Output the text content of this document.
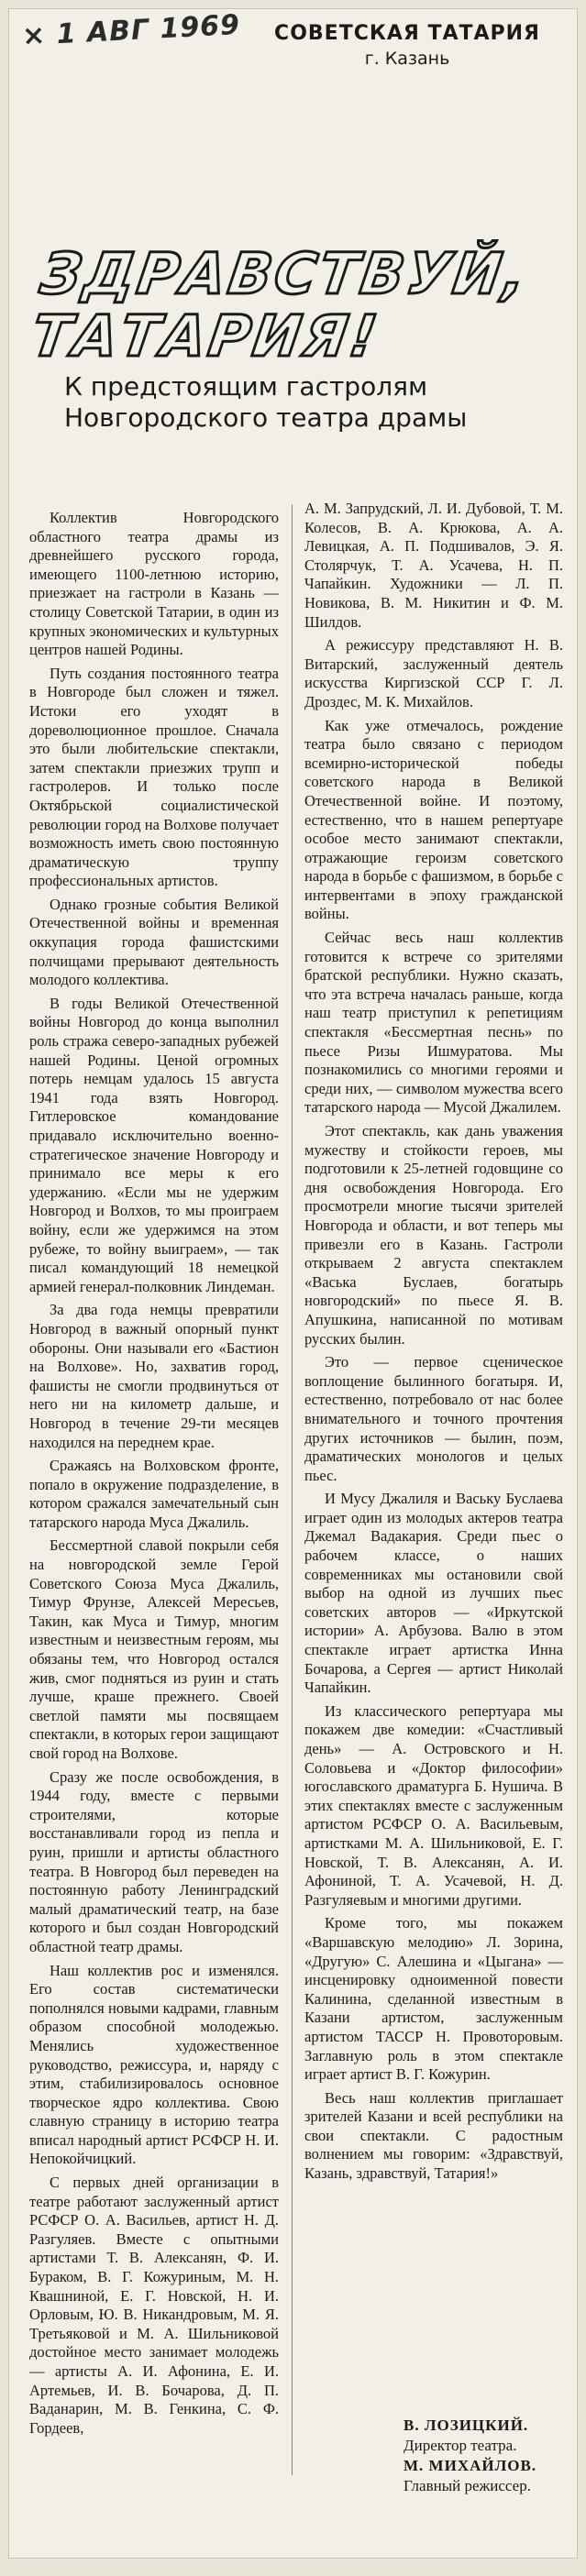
× 1 АВГ 1969 СОВЕТСКАЯ ТАТАРИЯ
г. Казань
ЗДРАВСТВУЙ, ТАТАРИЯ!
К предстоящим гастролям Новгородского театра драмы

Коллектив Новгородского областного театра драмы из древнейшего русского города, имеющего 1100-летнюю историю, приезжает на гастроли в Казань — столицу Советской Татарии, в один из крупных экономических и культурных центров нашей Родины.

Путь создания постоянного театра в Новгороде был сложен и тяжел. Истоки его уходят в дореволюционное прошлое. Сначала это были любительские спектакли, затем спектакли приезжих трупп и гастролеров. И только после Октябрьской социалистической революции город на Волхове получает возможность иметь свою постоянную драматическую труппу профессиональных артистов.

Однако грозные события Великой Отечественной войны и временная оккупация города фашистскими полчищами прерывают деятельность молодого коллектива.

В годы Великой Отечественной войны Новгород до конца выполнил роль стража северо-западных рубежей нашей Родины. Ценой огромных потерь немцам удалось 15 августа 1941 года взять Новгород. Гитлеровское командование придавало исключительно военно-стратегическое значение Новгороду и принимало все меры к его удержанию. «Если мы не удержим Новгород и Волхов, то мы проиграем войну, если же удержимся на этом рубеже, то войну выиграем», — так писал командующий 18 немецкой армией генерал-полковник Линдеман.

За два года немцы превратили Новгород в важный опорный пункт обороны. Они называли его «Бастион на Волхове». Но, захватив город, фашисты не смогли продвинуться от него ни на километр дальше, и Новгород в течение 29-ти месяцев находился на переднем крае.

Сражаясь на Волховском фронте, попало в окружение подразделение, в котором сражался замечательный сын татарского народа Муса Джалиль.

Бессмертной славой покрыли себя на новгородской земле Герой Советского Союза Муса Джалиль, Тимур Фрунзе, Алексей Мересьев, Такин, как Муса и Тимур, многим известным и неизвестным героям, мы обязаны тем, что Новгород остался жив, смог подняться из руин и стать лучше, краше прежнего. Своей светлой памяти мы посвящаем спектакли, в которых герои защищают свой город на Волхове.

Сразу же после освобождения, в 1944 году, вместе с первыми строителями, которые восстанавливали город из пепла и руин, пришли и артисты областного театра. В Новгород был переведен на постоянную работу Ленинградский малый драматический театр, на базе которого и был создан Новгородский областной театр драмы.

Наш коллектив рос и изменялся. Его состав систематически пополнялся новыми кадрами, главным образом способной молодежью. Менялись художественное руководство, режиссура, и, наряду с этим, стабилизировалось основное творческое ядро коллектива. Свою славную страницу в историю театра вписал народный артист РСФСР Н. И. Непокойчицкий.

С первых дней организации в театре работают заслуженный артист РСФСР О. А. Васильев, артист Н. Д. Разгуляев. Вместе с опытными артистами Т. В. Алексанян, Ф. И. Бураком, В. Г. Кожуриным, М. Н. Квашниной, Е. Г. Новской, Н. И. Орловым, Ю. В. Никандровым, М. Я. Третьяковой и М. А. Шильниковой достойное место занимает молодежь — артисты А. И. Афонина, Е. И. Артемьев, И. В. Бочарова, Д. П. Ваданарин, М. В. Генкина, С. Ф. Гордеев,

А. М. Запрудский, Л. И. Дубовой, Т. М. Колесов, В. А. Крюкова, А. А. Левицкая, А. П. Подшивалов, Э. Я. Столярчук, Т. А. Усачева, Н. П. Чапайкин. Художники — Л. П. Новикова, В. М. Никитин и Ф. М. Шилдов.

А режиссуру представляют Н. В. Витарский, заслуженный деятель искусства Киргизской ССР Г. Л. Дроздес, М. К. Михайлов.

Как уже отмечалось, рождение театра было связано с периодом всемирно-исторической победы советского народа в Великой Отечественной войне. И поэтому, естественно, что в нашем репертуаре особое место занимают спектакли, отражающие героизм советского народа в борьбе с фашизмом, в борьбе с интервентами в эпоху гражданской войны.

Сейчас весь наш коллектив готовится к встрече со зрителями братской республики. Нужно сказать, что эта встреча началась раньше, когда наш театр приступил к репетициям спектакля «Бессмертная песнь» по пьесе Ризы Ишмуратова. Мы познакомились со многими героями и среди них, — символом мужества всего татарского народа — Мусой Джалилем.

Этот спектакль, как дань уважения мужеству и стойкости героев, мы подготовили к 25-летней годовщине со дня освобождения Новгорода. Его просмотрели многие тысячи зрителей Новгорода и области, и вот теперь мы привезли его в Казань. Гастроли открываем 2 августа спектаклем «Васька Буслаев, богатырь новгородский» по пьесе Я. В. Апушкина, написанной по мотивам русских былин.

Это — первое сценическое воплощение былинного богатыря. И, естественно, потребовало от нас более внимательного и точного прочтения других источников — былин, поэм, драматических монологов и целых пьес.

И Мусу Джалиля и Ваську Буслаева играет один из молодых актеров театра Джемал Вадакария. Среди пьес о рабочем классе, о наших современниках мы остановили свой выбор на одной из лучших пьес советских авторов — «Иркутской истории» А. Арбузова. Валю в этом спектакле играет артистка Инна Бочарова, а Сергея — артист Николай Чапайкин.

Из классического репертуара мы покажем две комедии: «Счастливый день» — А. Островского и Н. Соловьева и «Доктор философии» югославского драматурга Б. Нушича. В этих спектаклях вместе с заслуженным артистом РСФСР О. А. Васильевым, артистками М. А. Шильниковой, Е. Г. Новской, Т. В. Алексанян, А. И. Афониной, Т. А. Усачевой, Н. Д. Разгуляевым и многими другими.

Кроме того, мы покажем «Варшавскую мелодию» Л. Зорина, «Другую» С. Алешина и «Цыгана» — инсценировку одноименной повести Калинина, сделанной известным в Казани артистом, заслуженным артистом ТАССР Н. Провоторовым. Заглавную роль в этом спектакле играет артист В. Г. Кожурин.

Весь наш коллектив приглашает зрителей Казани и всей республики на свои спектакли. С радостным волнением мы говорим: «Здравствуй, Казань, здравствуй, Татария!»

В. ЛОЗИЦКИЙ.
Директор театра.
М. МИХАЙЛОВ.
Главный режиссер.
